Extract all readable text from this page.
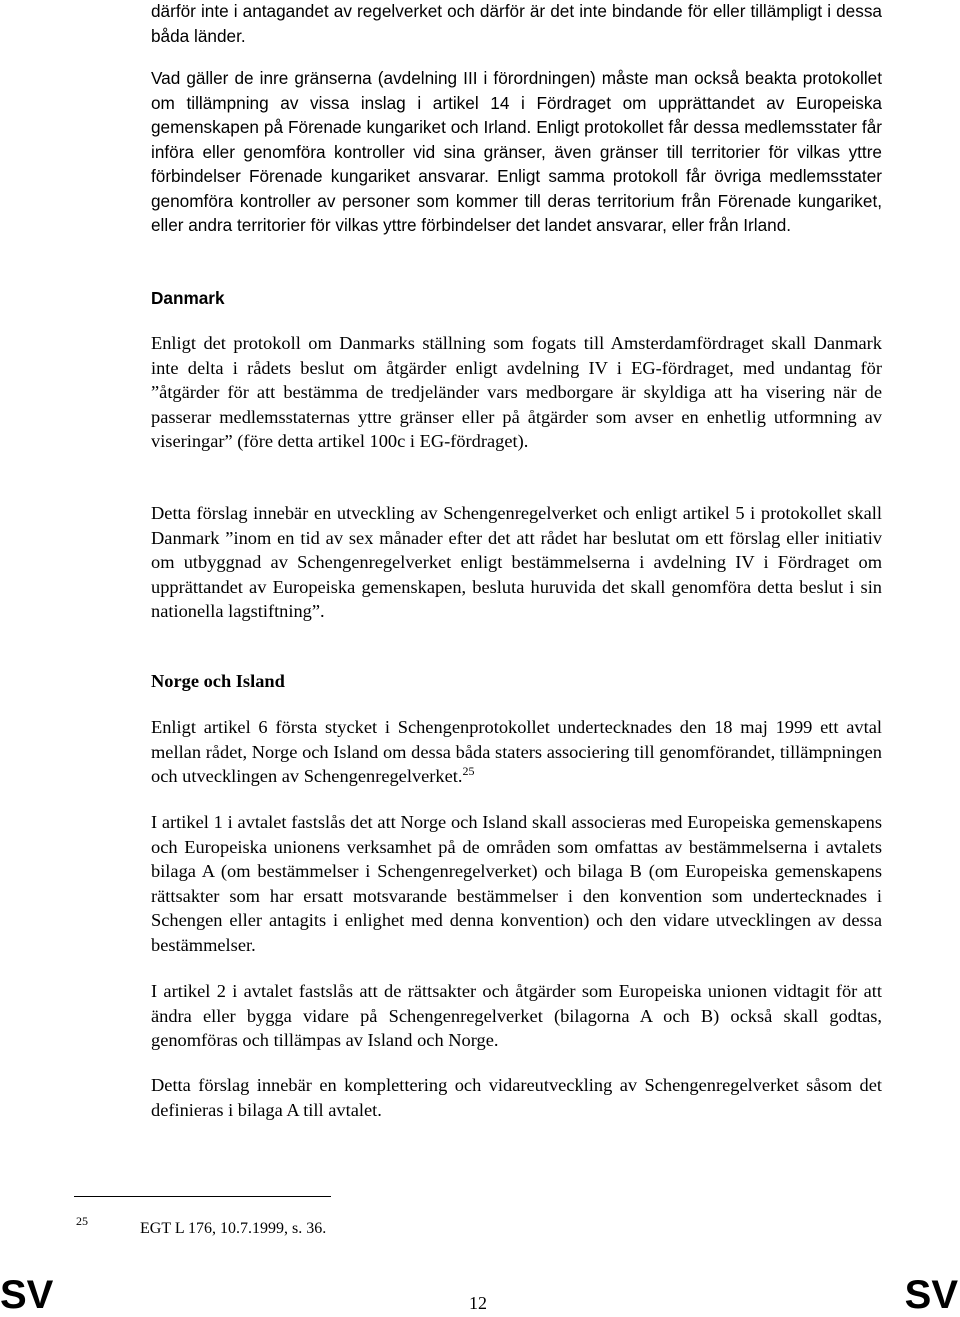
därför inte i antagandet av regelverket och därför är det inte bindande för eller tillämpligt i dessa båda länder.

Vad gäller de inre gränserna (avdelning III i förordningen) måste man också beakta protokollet om tillämpning av vissa inslag i artikel 14 i Fördraget om upprättandet av Europeiska gemenskapen på Förenade kungariket och Irland. Enligt protokollet får dessa medlemsstater får införa eller genomföra kontroller vid sina gränser, även gränser till territorier för vilkas yttre förbindelser Förenade kungariket ansvarar. Enligt samma protokoll får övriga medlemsstater genomföra kontroller av personer som kommer till deras territorium från Förenade kungariket, eller andra territorier för vilkas yttre förbindelser det landet ansvarar, eller från Irland.

Danmark

Enligt det protokoll om Danmarks ställning som fogats till Amsterdamfördraget skall Danmark inte delta i rådets beslut om åtgärder enligt avdelning IV i EG-fördraget, med undantag för ”åtgärder för att bestämma de tredjeländer vars medborgare är skyldiga att ha visering när de passerar medlemsstaternas yttre gränser eller på åtgärder som avser en enhetlig utformning av viseringar” (före detta artikel 100c i EG-fördraget).

Detta förslag innebär en utveckling av Schengenregelverket och enligt artikel 5 i protokollet skall Danmark ”inom en tid av sex månader efter det att rådet har beslutat om ett förslag eller initiativ om utbyggnad av Schengenregelverket enligt bestämmelserna i avdelning IV i Fördraget om upprättandet av Europeiska gemenskapen, besluta huruvida det skall genomföra detta beslut i sin nationella lagstiftning”.

Norge och Island

Enligt artikel 6 första stycket i Schengenprotokollet undertecknades den 18 maj 1999 ett avtal mellan rådet, Norge och Island om dessa båda staters associering till genomförandet, tillämpningen och utvecklingen av Schengenregelverket.$^{25}$

I artikel 1 i avtalet fastslås det att Norge och Island skall associeras med Europeiska gemenskapens och Europeiska unionens verksamhet på de områden som omfattas av bestämmelserna i avtalets bilaga A (om bestämmelser i Schengenregelverket) och bilaga B (om Europeiska gemenskapens rättsakter som har ersatt motsvarande bestämmelser i den konvention som undertecknades i Schengen eller antagits i enlighet med denna konvention) och den vidare utvecklingen av dessa bestämmelser.

I artikel 2 i avtalet fastslås att de rättsakter och åtgärder som Europeiska unionen vidtagit för att ändra eller bygga vidare på Schengenregelverket (bilagorna A och B) också skall godtas, genomföras och tillämpas av Island och Norge.

Detta förslag innebär en komplettering och vidareutveckling av Schengenregelverket såsom det definieras i bilaga A till avtalet.

25	EGT L 176, 10.7.1999, s. 36.
SV	12	SV
